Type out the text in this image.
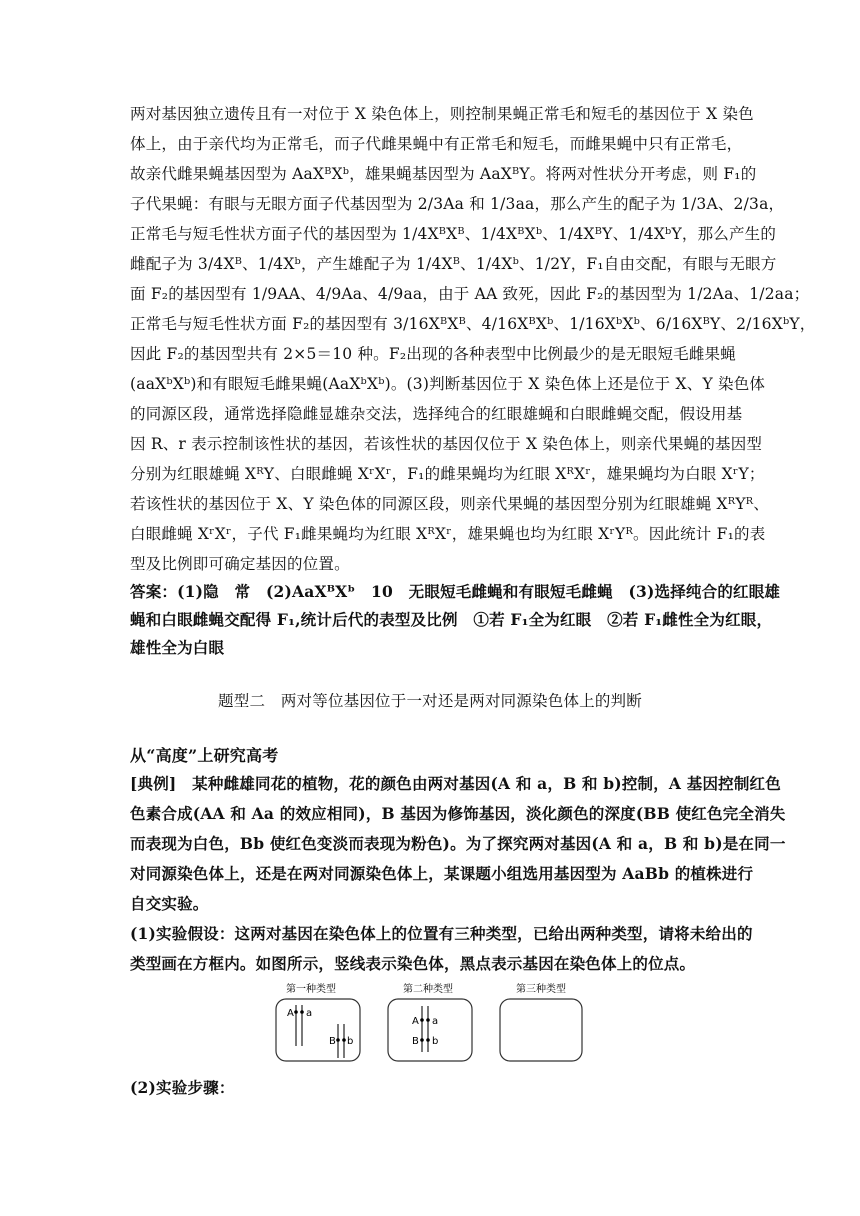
两对基因独立遗传且有一对位于 X 染色体上，则控制果蝇正常毛和短毛的基因位于 X 染色
体上，由于亲代均为正常毛，而子代雌果蝇中有正常毛和短毛，而雌果蝇中只有正常毛，
故亲代雌果蝇基因型为 AaXᴮXᵇ，雄果蝇基因型为 AaXᴮY。将两对性状分开考虑，则 F₁的
子代果蝇：有眼与无眼方面子代基因型为 2/3Aa 和 1/3aa，那么产生的配子为 1/3A、2/3a，
正常毛与短毛性状方面子代的基因型为 1/4XᴮXᴮ、1/4XᴮXᵇ、1/4XᴮY、1/4XᵇY，那么产生的
雌配子为 3/4Xᴮ、1/4Xᵇ，产生雄配子为 1/4Xᴮ、1/4Xᵇ、1/2Y，F₁自由交配，有眼与无眼方
面 F₂的基因型有 1/9AA、4/9Aa、4/9aa，由于 AA 致死，因此 F₂的基因型为 1/2Aa、1/2aa；
正常毛与短毛性状方面 F₂的基因型有 3/16XᴮXᴮ、4/16XᴮXᵇ、1/16XᵇXᵇ、6/16XᴮY、2/16XᵇY，
因此 F₂的基因型共有 2×5＝10 种。F₂出现的各种表型中比例最少的是无眼短毛雌果蝇
(aaXᵇXᵇ)和有眼短毛雌果蝇(AaXᵇXᵇ)。(3)判断基因位于 X 染色体上还是位于 X、Y 染色体
的同源区段，通常选择隐雌显雄杂交法，选择纯合的红眼雄蝇和白眼雌蝇交配，假设用基
因 R、r 表示控制该性状的基因，若该性状的基因仅位于 X 染色体上，则亲代果蝇的基因型
分别为红眼雄蝇 XᴿY、白眼雌蝇 XʳXʳ，F₁的雌果蝇均为红眼 XᴿXʳ，雄果蝇均为白眼 XʳY；
若该性状的基因位于 X、Y 染色体的同源区段，则亲代果蝇的基因型分别为红眼雄蝇 XᴿYᴿ、
白眼雌蝇 XʳXʳ，子代 F₁雌果蝇均为红眼 XᴿXʳ，雄果蝇也均为红眼 XʳYᴿ。因此统计 F₁的表
型及比例即可确定基因的位置。
答案：(1)隐　常　(2)AaXᴮXᵇ　10　无眼短毛雌蝇和有眼短毛雌蝇　(3)选择纯合的红眼雄
蝇和白眼雌蝇交配得 F₁,统计后代的表型及比例　①若 F₁全为红眼　②若 F₁雌性全为红眼，
雄性全为白眼
题型二　两对等位基因位于一对还是两对同源染色体上的判断
从“高度”上研究高考
[典例]　某种雌雄同花的植物，花的颜色由两对基因(A 和 a，B 和 b)控制，A 基因控制红色
色素合成(AA 和 Aa 的效应相同)，B 基因为修饰基因，淡化颜色的深度(BB 使红色完全消失
而表现为白色，Bb 使红色变淡而表现为粉色)。为了探究两对基因(A 和 a，B 和 b)是在同一
对同源染色体上，还是在两对同源染色体上，某课题小组选用基因型为 AaBb 的植株进行
自交实验。
(1)实验假设：这两对基因在染色体上的位置有三种类型，已给出两种类型，请将未给出的
类型画在方框内。如图所示，竖线表示染色体，黑点表示基因在染色体上的位点。
第一种类型
A a
B b
第二种类型
A a
B b
第三种类型
(2)实验步骤：
